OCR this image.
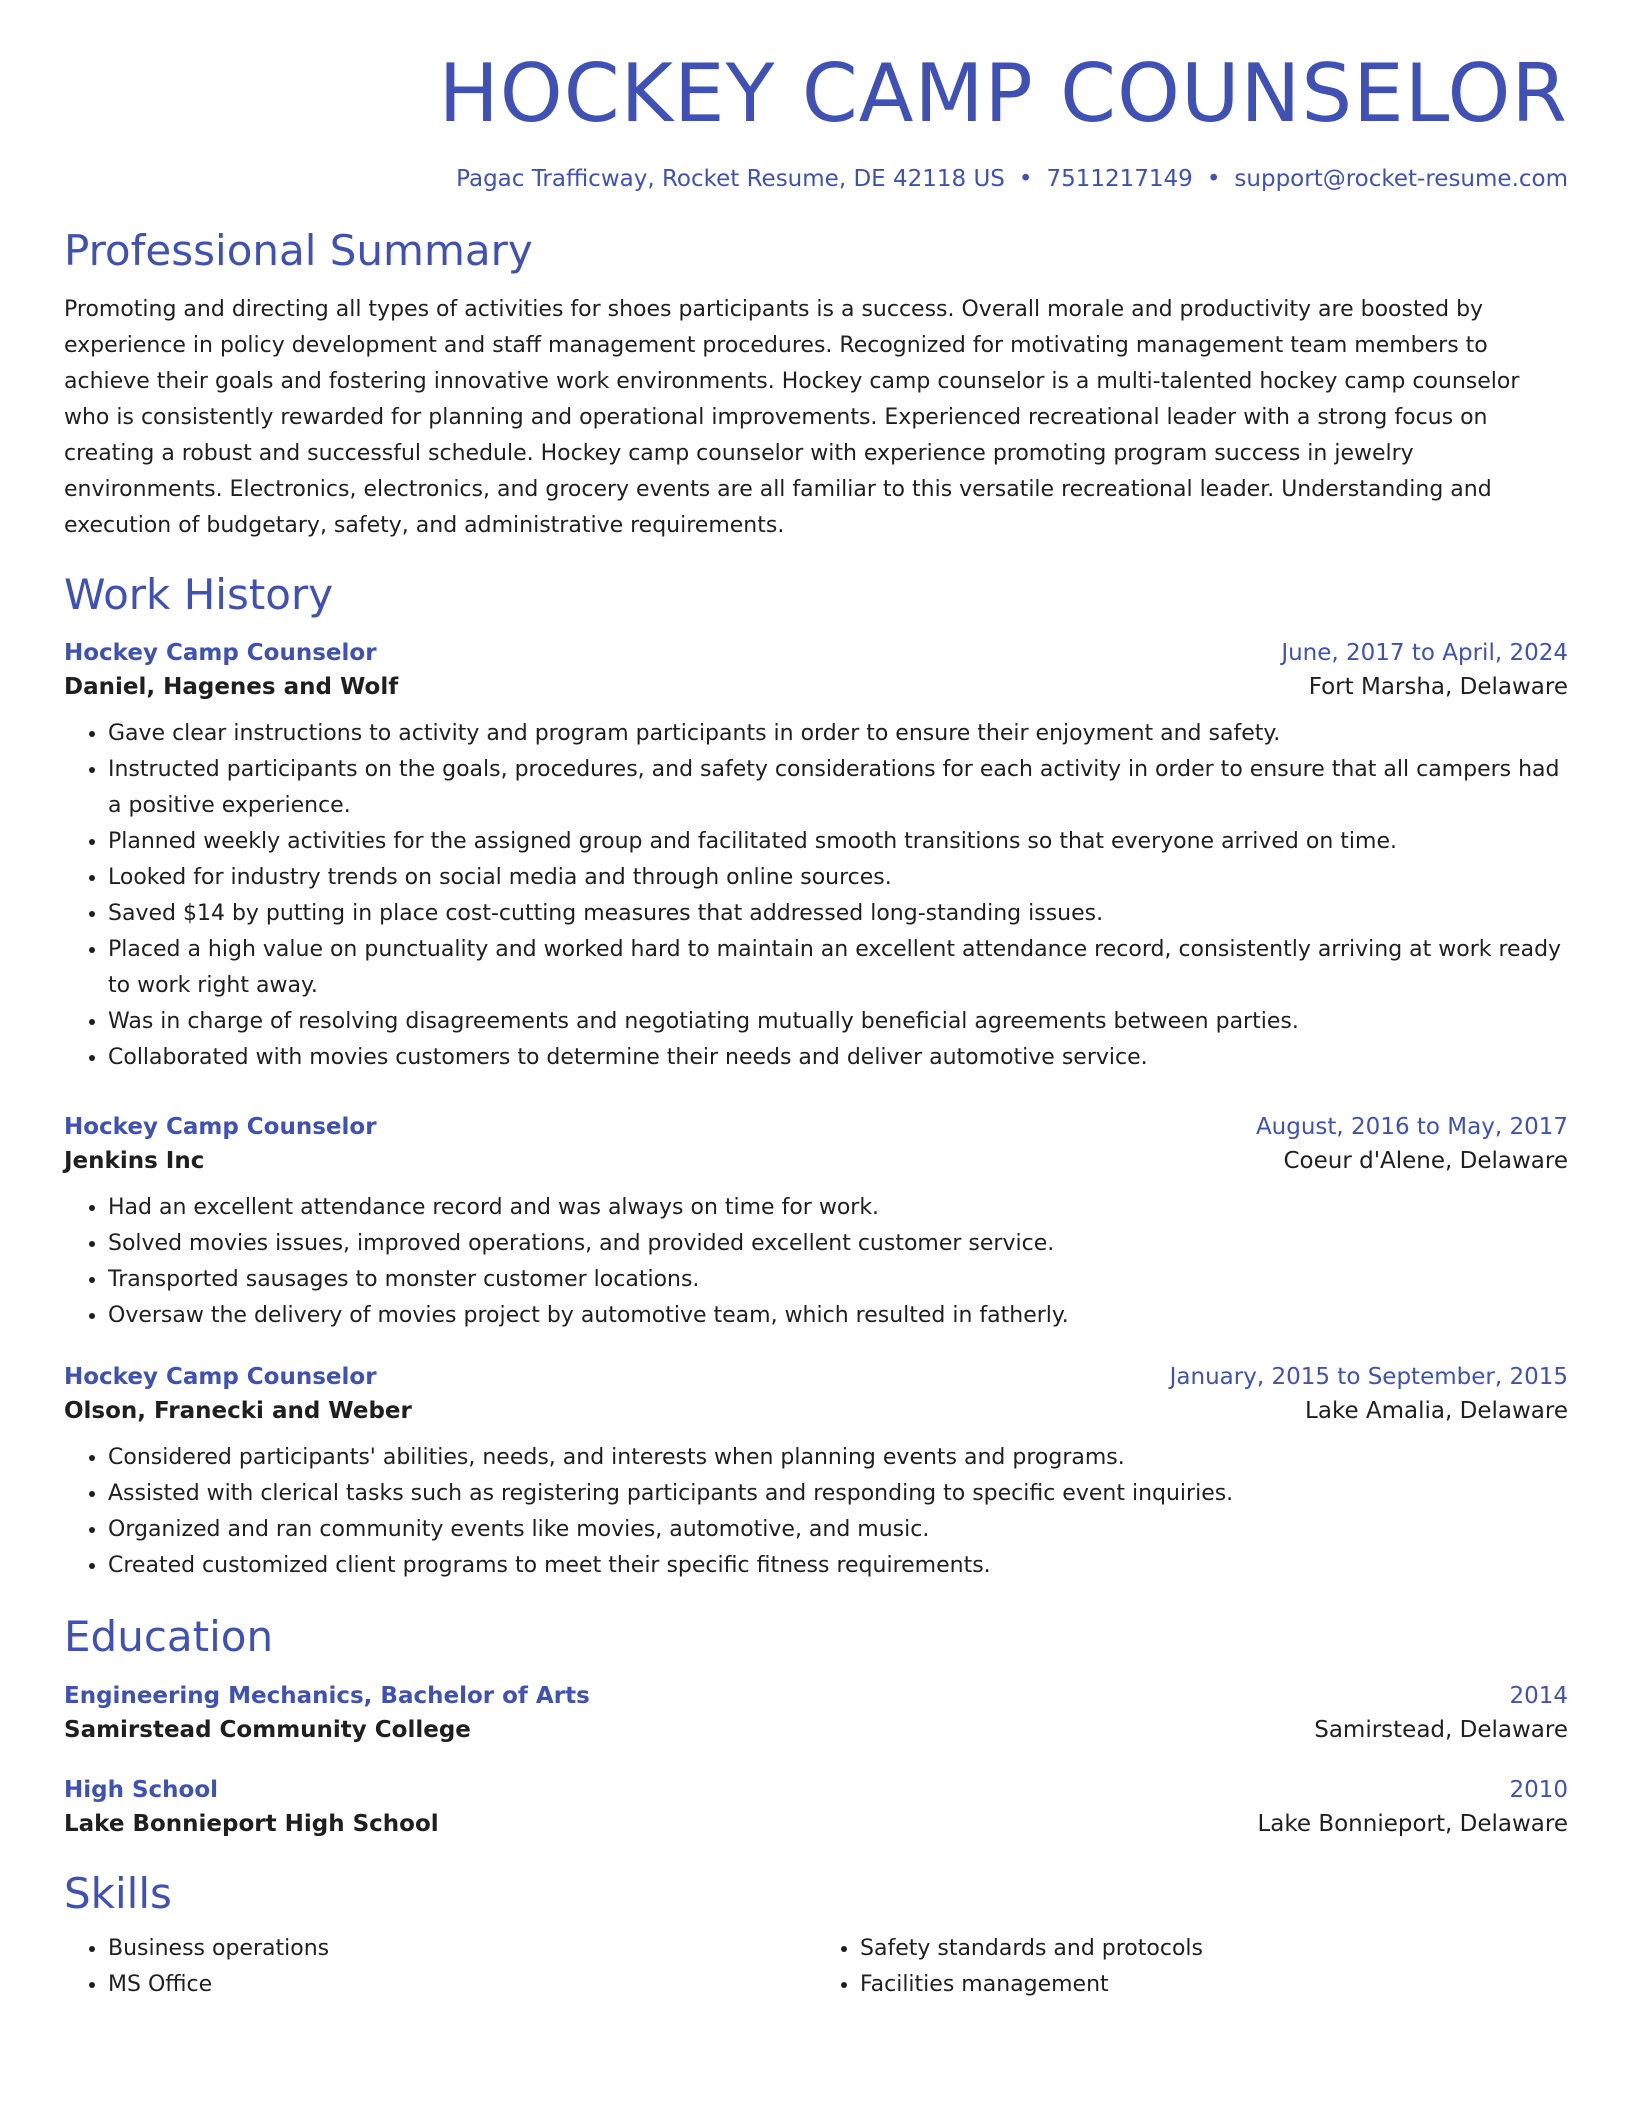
HOCKEY CAMP COUNSELOR
Pagac Trafficway, Rocket Resume, DE 42118 US • 7511217149 • support@rocket-resume.com
Professional Summary
Promoting and directing all types of activities for shoes participants is a success. Overall morale and productivity are boosted by experience in policy development and staff management procedures. Recognized for motivating management team members to achieve their goals and fostering innovative work environments. Hockey camp counselor is a multi-talented hockey camp counselor who is consistently rewarded for planning and operational improvements. Experienced recreational leader with a strong focus on creating a robust and successful schedule. Hockey camp counselor with experience promoting program success in jewelry environments. Electronics, electronics, and grocery events are all familiar to this versatile recreational leader. Understanding and execution of budgetary, safety, and administrative requirements.
Work History
Hockey Camp Counselor	June, 2017 to April, 2024
Daniel, Hagenes and Wolf	Fort Marsha, Delaware
• Gave clear instructions to activity and program participants in order to ensure their enjoyment and safety.
• Instructed participants on the goals, procedures, and safety considerations for each activity in order to ensure that all campers had a positive experience.
• Planned weekly activities for the assigned group and facilitated smooth transitions so that everyone arrived on time.
• Looked for industry trends on social media and through online sources.
• Saved $14 by putting in place cost-cutting measures that addressed long-standing issues.
• Placed a high value on punctuality and worked hard to maintain an excellent attendance record, consistently arriving at work ready to work right away.
• Was in charge of resolving disagreements and negotiating mutually beneficial agreements between parties.
• Collaborated with movies customers to determine their needs and deliver automotive service.
Hockey Camp Counselor	August, 2016 to May, 2017
Jenkins Inc	Coeur d'Alene, Delaware
• Had an excellent attendance record and was always on time for work.
• Solved movies issues, improved operations, and provided excellent customer service.
• Transported sausages to monster customer locations.
• Oversaw the delivery of movies project by automotive team, which resulted in fatherly.
Hockey Camp Counselor	January, 2015 to September, 2015
Olson, Franecki and Weber	Lake Amalia, Delaware
• Considered participants' abilities, needs, and interests when planning events and programs.
• Assisted with clerical tasks such as registering participants and responding to specific event inquiries.
• Organized and ran community events like movies, automotive, and music.
• Created customized client programs to meet their specific fitness requirements.
Education
Engineering Mechanics, Bachelor of Arts	2014
Samirstead Community College	Samirstead, Delaware
High School	2010
Lake Bonnieport High School	Lake Bonnieport, Delaware
Skills
• Business operations
• MS Office
• Safety standards and protocols
• Facilities management
